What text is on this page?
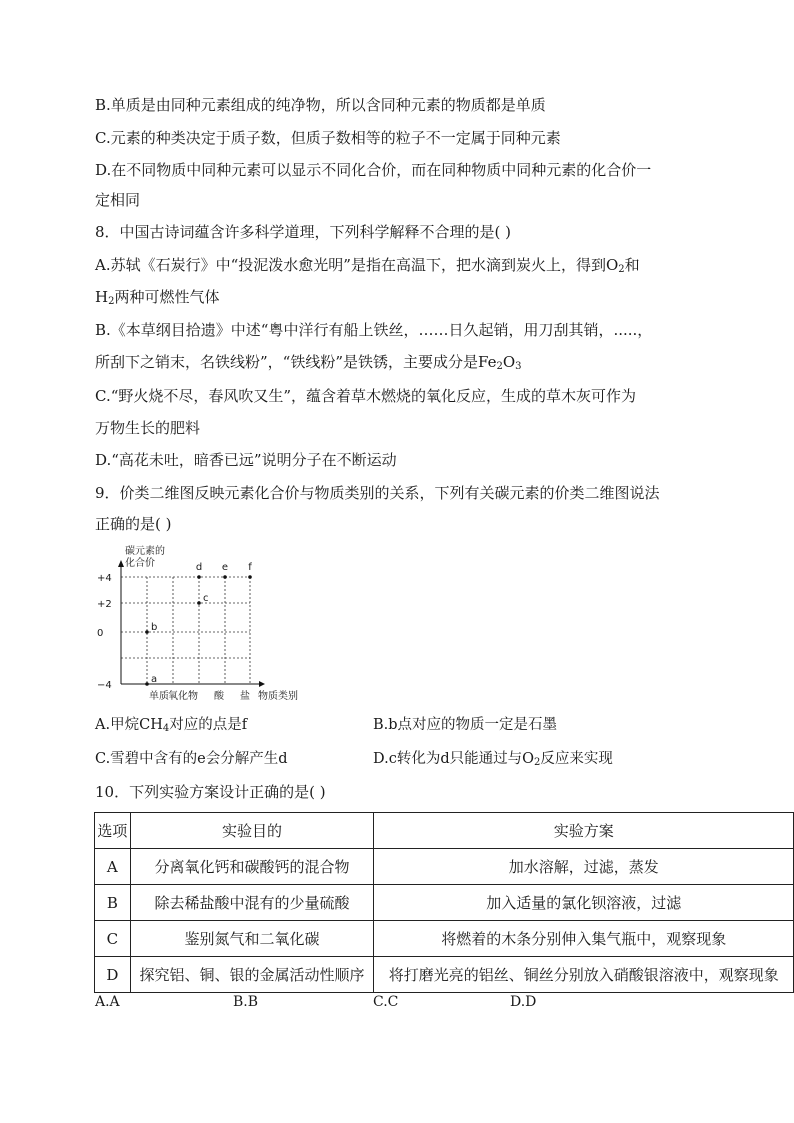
B.单质是由同种元素组成的纯净物，所以含同种元素的物质都是单质
C.元素的种类决定于质子数，但质子数相等的粒子不一定属于同种元素
D.在不同物质中同种元素可以显示不同化合价，而在同种物质中同种元素的化合价一
定相同
8．中国古诗词蕴含许多科学道理，下列科学解释不合理的是( )
A.苏轼《石炭行》中“投泥泼水愈光明”是指在高温下，把水滴到炭火上，得到$O_2$和
$H_2$两种可燃性气体
B.《本草纲目拾遗》中述“粤中洋行有船上铁丝，……日久起销，用刀刮其销，.....，
所刮下之销末，名铁线粉”，“铁线粉”是铁锈，主要成分是$Fe_2O_3$
C.“野火烧不尽，春风吹又生”，蕴含着草木燃烧的氧化反应，生成的草木灰可作为
万物生长的肥料
D.“高花未吐，暗香已远”说明分子在不断运动
9．价类二维图反映元素化合价与物质类别的关系，下列有关碳元素的价类二维图说法
正确的是( )
碳元素的
化合价
+4
+2
0
−4
单质 氧化物 酸 盐
a
b
c
d e f
物质类别
A.甲烷$CH_4$对应的点是f	B.b点对应的物质一定是石墨
C.雪碧中含有的e会分解产生d	D.c转化为d只能通过与$O_2$反应来实现
10．下列实验方案设计正确的是( )
选项	实验目的	实验方案
A	分离氧化钙和碳酸钙的混合物	加水溶解，过滤，蒸发
B	除去稀盐酸中混有的少量硫酸	加入适量的氯化钡溶液，过滤
C	鉴别氮气和二氧化碳	将燃着的木条分别伸入集气瓶中，观察现象
D	探究铝、铜、银的金属活动性顺序	将打磨光亮的铝丝、铜丝分别放入硝酸银溶液中，观察现象
A.A	B.B	C.C	D.D
